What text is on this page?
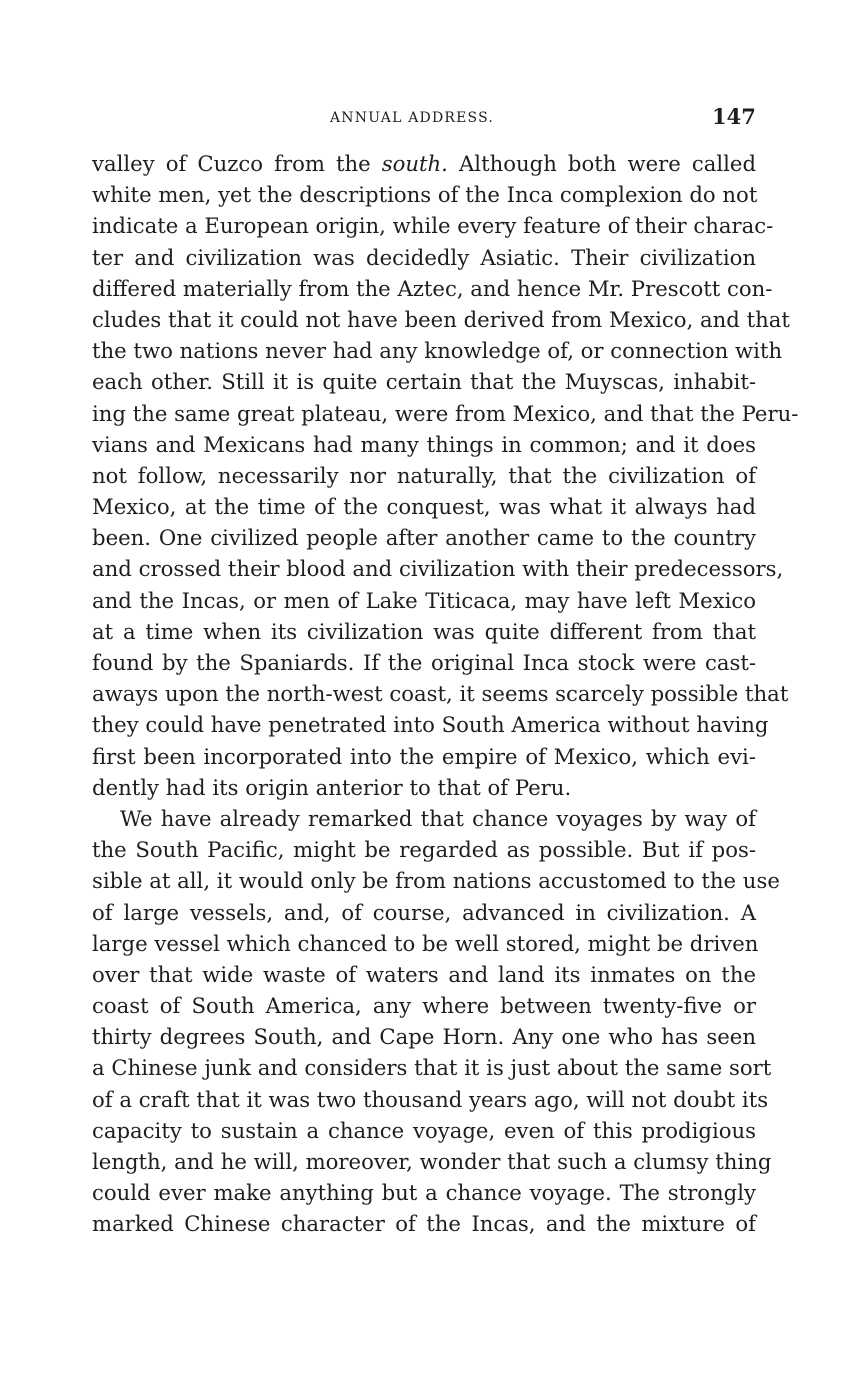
ANNUAL ADDRESS.	147
valley of Cuzco from the south. Although both were called
white men, yet the descriptions of the Inca complexion do not
indicate a European origin, while every feature of their charac-
ter and civilization was decidedly Asiatic. Their civilization
differed materially from the Aztec, and hence Mr. Prescott con-
cludes that it could not have been derived from Mexico, and that
the two nations never had any knowledge of, or connection with
each other. Still it is quite certain that the Muyscas, inhabit-
ing the same great plateau, were from Mexico, and that the Peru-
vians and Mexicans had many things in common; and it does
not follow, necessarily nor naturally, that the civilization of
Mexico, at the time of the conquest, was what it always had
been. One civilized people after another came to the country
and crossed their blood and civilization with their predecessors,
and the Incas, or men of Lake Titicaca, may have left Mexico
at a time when its civilization was quite different from that
found by the Spaniards. If the original Inca stock were cast-
aways upon the north-west coast, it seems scarcely possible that
they could have penetrated into South America without having
first been incorporated into the empire of Mexico, which evi-
dently had its origin anterior to that of Peru.
We have already remarked that chance voyages by way of
the South Pacific, might be regarded as possible. But if pos-
sible at all, it would only be from nations accustomed to the use
of large vessels, and, of course, advanced in civilization. A
large vessel which chanced to be well stored, might be driven
over that wide waste of waters and land its inmates on the
coast of South America, any where between twenty-five or
thirty degrees South, and Cape Horn. Any one who has seen
a Chinese junk and considers that it is just about the same sort
of a craft that it was two thousand years ago, will not doubt its
capacity to sustain a chance voyage, even of this prodigious
length, and he will, moreover, wonder that such a clumsy thing
could ever make anything but a chance voyage. The strongly
marked Chinese character of the Incas, and the mixture of
